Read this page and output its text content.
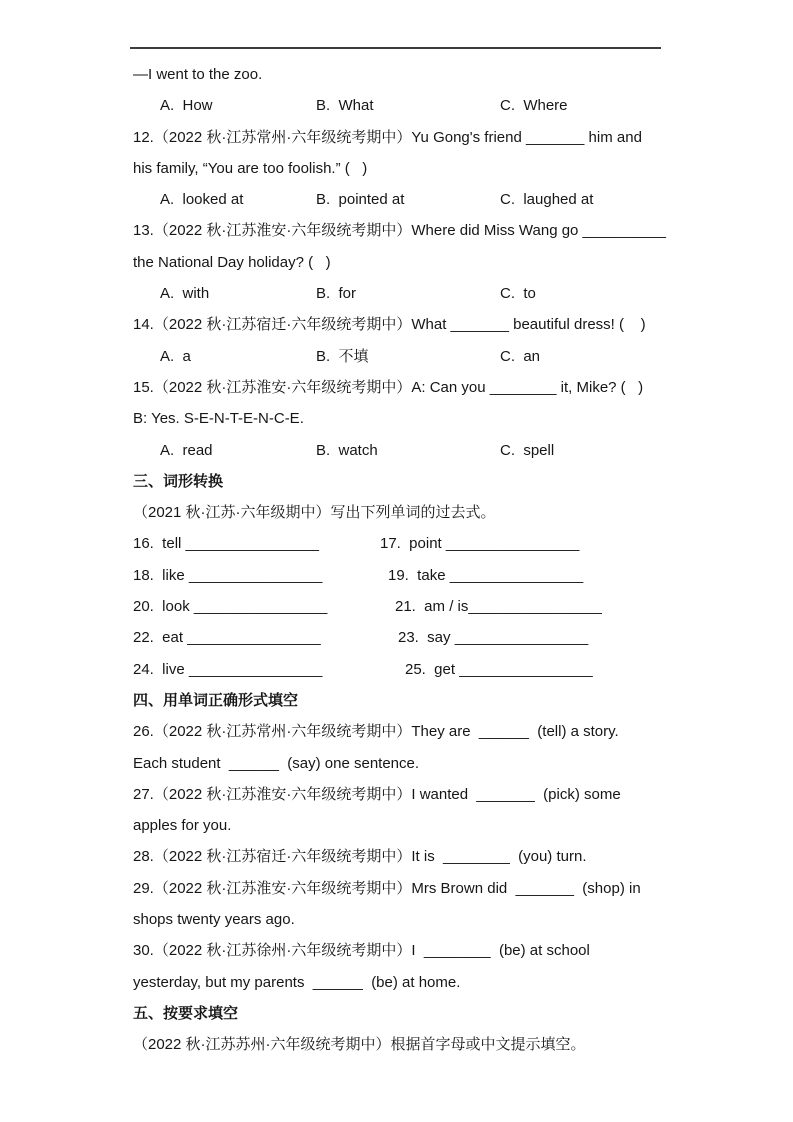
—I went to the zoo.
A.  How	B.  What	C.  Where
12.（2022 秋·江苏常州·六年级统考期中）Yu Gong's friend _______ him and
his family, “You are too foolish.” (   )
A.  looked at	B.  pointed at	C.  laughed at
13.（2022 秋·江苏淮安·六年级统考期中）Where did Miss Wang go __________
the National Day holiday? (   )
A.  with	B.  for	C.  to
14.（2022 秋·江苏宿迁·六年级统考期中）What _______ beautiful dress! (    )
A.  a	B.  不填	C.  an
15.（2022 秋·江苏淮安·六年级统考期中）A: Can you ________ it, Mike? (   )
B: Yes. S-E-N-T-E-N-C-E.
A.  read	B.  watch	C.  spell
三、词形转换
（2021 秋·江苏·六年级期中）写出下列单词的过去式。
16.  tell ________________	17.  point ________________
18.  like ________________	19.  take ________________
20.  look ________________	21.  am / is________________
22.  eat ________________	23.  say ________________
24.  live ________________	25.  get ________________
四、用单词正确形式填空
26.（2022 秋·江苏常州·六年级统考期中）They are  ______  (tell) a story.
Each student  ______  (say) one sentence.
27.（2022 秋·江苏淮安·六年级统考期中）I wanted  _______  (pick) some
apples for you.
28.（2022 秋·江苏宿迁·六年级统考期中）It is  ________  (you) turn.
29.（2022 秋·江苏淮安·六年级统考期中）Mrs Brown did  _______  (shop) in
shops twenty years ago.
30.（2022 秋·江苏徐州·六年级统考期中）I  ________  (be) at school
yesterday, but my parents  ______  (be) at home.
五、按要求填空
（2022 秋·江苏苏州·六年级统考期中）根据首字母或中文提示填空。
